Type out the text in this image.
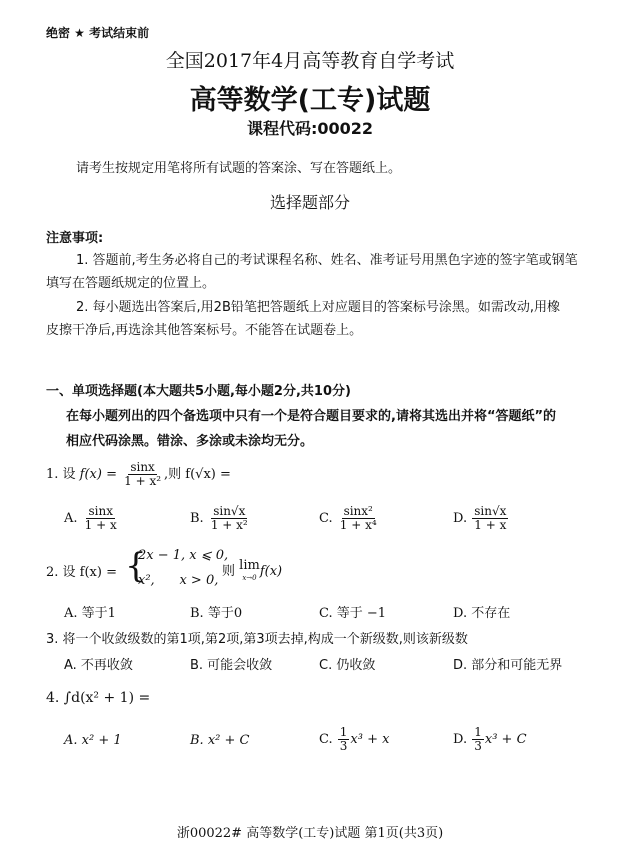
绝密 ★ 考试结束前
全国2017年4月高等教育自学考试
高等数学(工专)试题
课程代码:00022
请考生按规定用笔将所有试题的答案涂、写在答题纸上。
选择题部分
注意事项:
1. 答题前,考生务必将自己的考试课程名称、姓名、准考证号用黑色字迹的签字笔或钢笔
填写在答题纸规定的位置上。
2. 每小题选出答案后,用2B铅笔把答题纸上对应题目的答案标号涂黑。如需改动,用橡
皮擦干净后,再选涂其他答案标号。不能答在试题卷上。
一、单项选择题(本大题共5小题,每小题2分,共10分)
在每小题列出的四个备选项中只有一个是符合题目要求的,请将其选出并将“答题纸”的
相应代码涂黑。错涂、多涂或未涂均无分。
1. 设 $f(x) = \frac{\sin x}{\text{1 + x²}}$ ,则 f(√x) =
A. $\frac{\sin x}{1 + x}$	B. $\frac{\sin√x}{\text{1 + x²}}$	C. $\frac{\text{sinx²}}{\text{1 + x⁴}}$	D. $\frac{\sin√x}{1 + x}$
2. 设 f(x) = {
2x − 1, x ⩽ 0,
x²,      x > 0,
则 lim
x→0 f(x)
A. 等于1	B. 等于0	C. 等于 −1	D. 不存在
3. 将一个收敛级数的第1项,第2项,第3项去掉,构成一个新级数,则该新级数
A. 不再收敛	B. 可能会收敛	C. 仍收敛	D. 部分和可能无界
4. ∫d(x² + 1) =
A. x² + 1	B. x² + C	C. $\frac{1}{3} x^3 + x$	D. $\frac{1}{3} x^3 + C$
浙00022# 高等数学(工专)试题 第1页(共3页)
